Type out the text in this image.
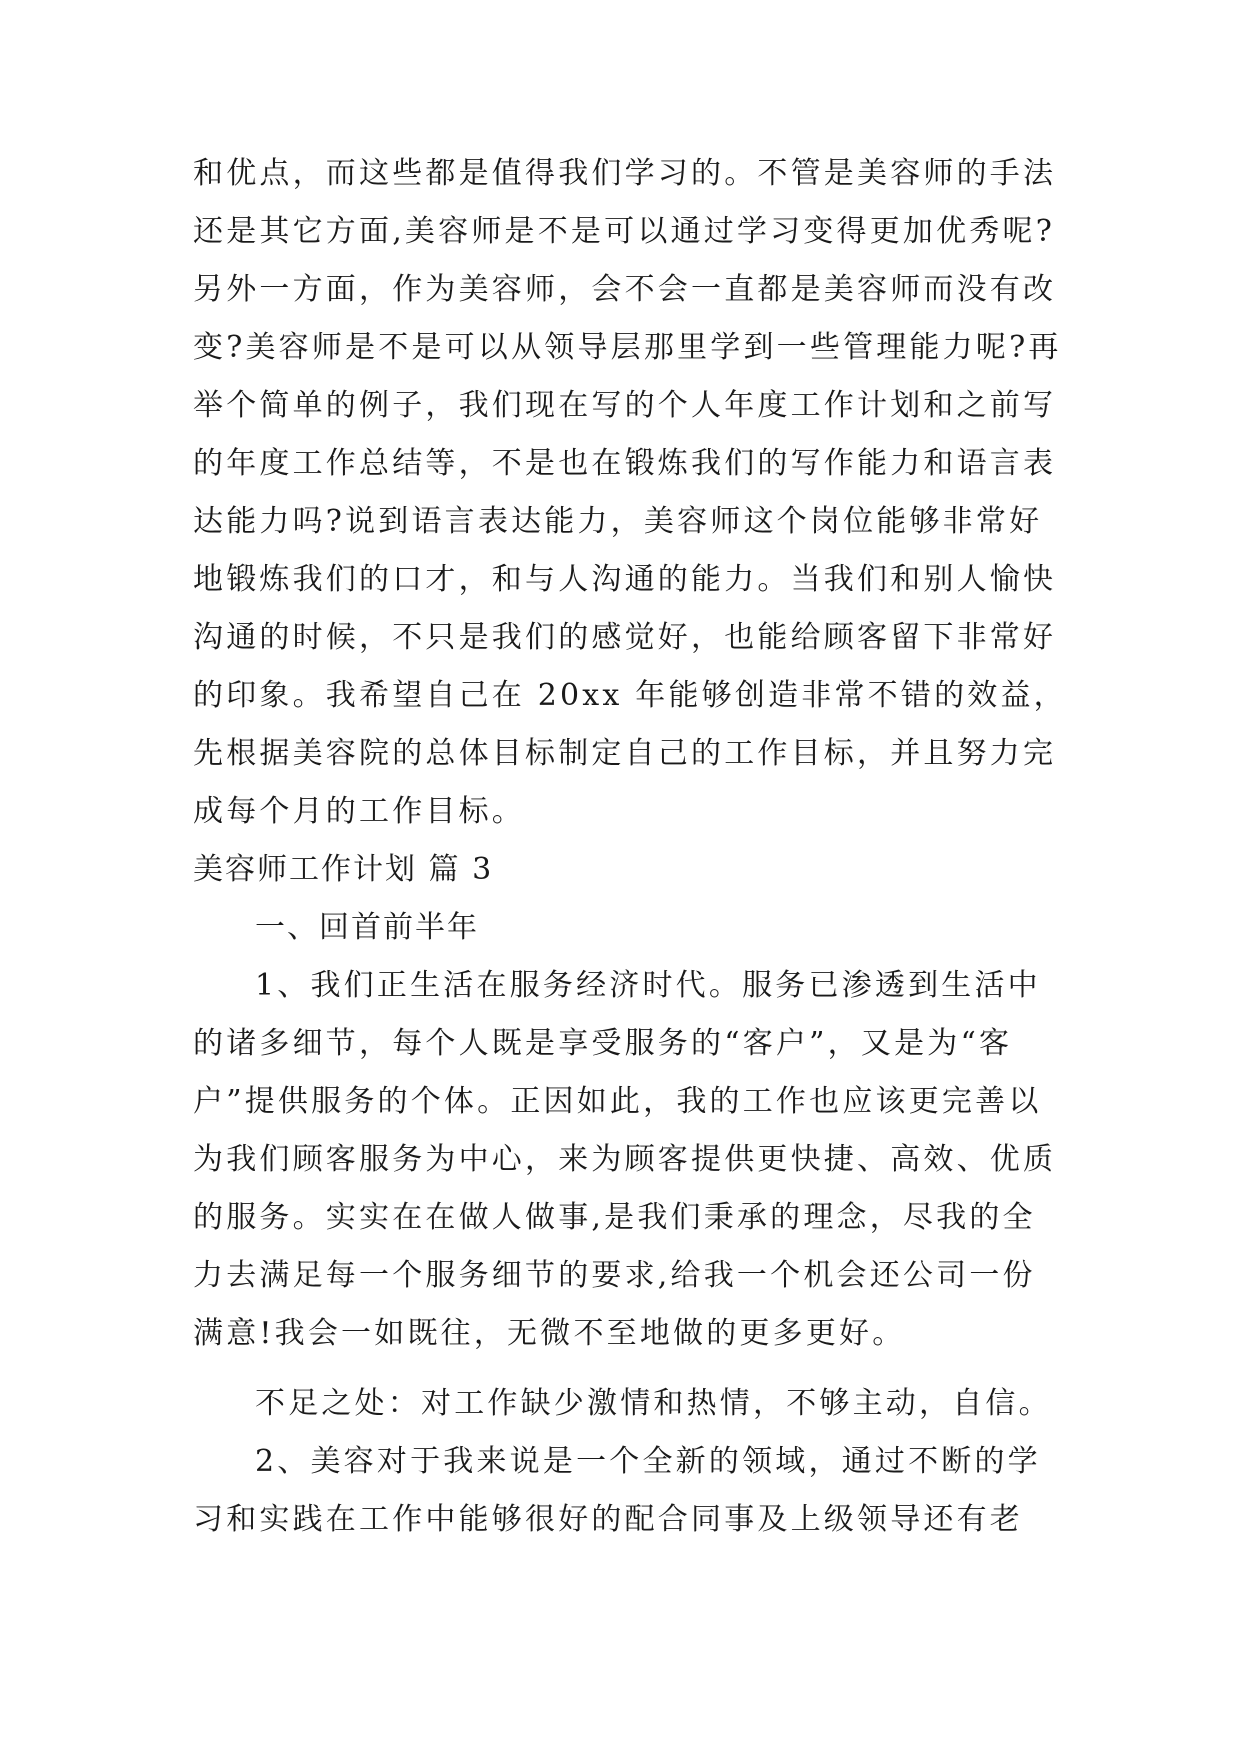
和优点，而这些都是值得我们学习的。不管是美容师的手法
还是其它方面,美容师是不是可以通过学习变得更加优秀呢?
另外一方面，作为美容师，会不会一直都是美容师而没有改
变?美容师是不是可以从领导层那里学到一些管理能力呢?再
举个简单的例子，我们现在写的个人年度工作计划和之前写
的年度工作总结等，不是也在锻炼我们的写作能力和语言表
达能力吗?说到语言表达能力，美容师这个岗位能够非常好
地锻炼我们的口才，和与人沟通的能力。当我们和别人愉快
沟通的时候，不只是我们的感觉好，也能给顾客留下非常好
的印象。我希望自己在 20xx 年能够创造非常不错的效益，
先根据美容院的总体目标制定自己的工作目标，并且努力完
成每个月的工作目标。
美容师工作计划 篇 3
一、回首前半年
1、我们正生活在服务经济时代。服务已渗透到生活中
的诸多细节，每个人既是享受服务的“客户”，又是为“客
户”提供服务的个体。正因如此，我的工作也应该更完善以
为我们顾客服务为中心，来为顾客提供更快捷、高效、优质
的服务。实实在在做人做事,是我们秉承的理念，尽我的全
力去满足每一个服务细节的要求,给我一个机会还公司一份
满意!我会一如既往，无微不至地做的更多更好。
不足之处：对工作缺少激情和热情，不够主动，自信。
2、美容对于我来说是一个全新的领域，通过不断的学
习和实践在工作中能够很好的配合同事及上级领导还有老
